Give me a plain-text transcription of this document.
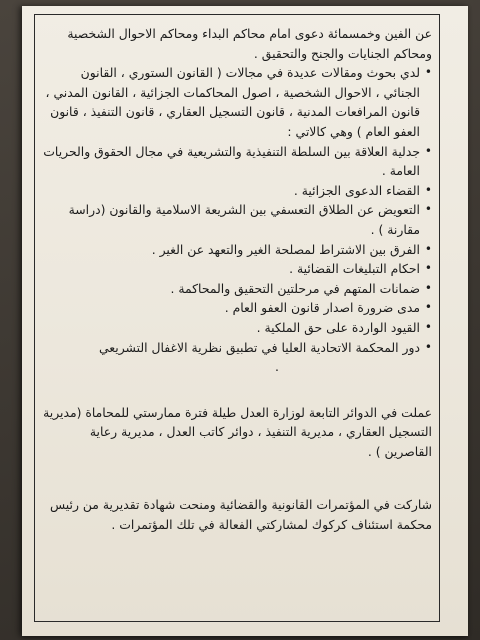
عن الفين وخمسمائة دعوى امام محاكم البداء ومحاكم الاحوال الشخصية ومحاكم الجنايات والجنح والتحقيق .

•
لدي بحوث ومقالات عديدة في مجالات ( القانون الستوري ، القانون الجنائي ، الاحوال الشخصية ، اصول المحاكمات الجزائية ، القانون المدني ، قانون المرافعات المدنية ، قانون التسجيل العقاري ، قانون التنفيذ ، قانون العفو العام ) وهي كالاتي :
•
جدلية العلاقة بين السلطة التنفيذية والتشريعية في مجال الحقوق والحريات العامة .
•
القضاء الدعوى الجزائية .
•
التعويض عن الطلاق التعسفي بين الشريعة الاسلامية والقانون (دراسة مقارنة ) .
•
الفرق بين الاشتراط لمصلحة الغير والتعهد عن الغير .
•
احكام التبليغات القضائية .
•
ضمانات المتهم في مرحلتين التحقيق والمحاكمة .
•
مدى ضرورة اصدار قانون العفو العام .
•
القيود الواردة على حق الملكية .
•
دور المحكمة الاتحادية العليا في تطبيق نظرية الاغفال التشريعي

.

عملت في الدوائر التابعة لوزارة العدل طيلة فترة ممارستي للمحاماة (مديرية التسجيل العقاري ، مديرية التنفيذ ، دوائر كاتب العدل ، مديرية رعاية القاصرين ) .

شاركت في المؤتمرات القانونية والقضائية ومنحت شهادة تقديرية من رئيس محكمة استئناف كركوك لمشاركتي الفعالة في تلك المؤتمرات .
